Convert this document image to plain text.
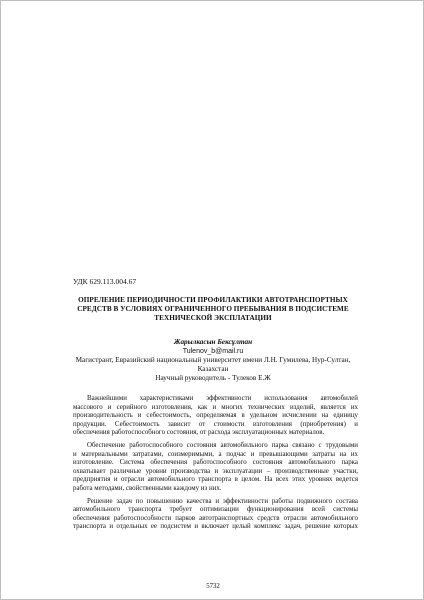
УДК 629.113.004.67
ОПРЕЛЕНИЕ ПЕРИОДИЧНОСТИ ПРОФИЛАКТИКИ АВТОТРАНСПОРТНЫХ
СРЕДСТВ В УСЛОВИЯХ ОГРАНИЧЕННОГО ПРЕБЫВАНИЯ В ПОДСИСТЕМЕ
ТЕХНИЧЕСКОЙ ЭКСПЛАТАЦИИ
Жарылкасын Бексұлтан
Tulenov_b@mail.ru
Магистрант, Евразийский национальный университет имени Л.Н. Гумилева, Нур-Султан,
Казахстан
Научный руководитель - Тулеков Е.Ж

Важнейшими характеристиками эффективности использования автомобилей
массового и серийного изготовления, как и многих технических изделий, является их
производительность и себестоимость, определяемая в удельном исчислении на единицу
продукции. Себестоимость зависит от стоимости изготовления (приобретения) и
обеспечения работоспособного состояния, от расхода эксплуатационных материалов.

Обеспечение работоспособного состояния автомобильного парка связано с трудовыми
и материальными затратами, соизмеримыми, а подчас и превышающими затраты на их
изготовление. Система обеспечения работоспособного состояния автомобильного парка
охватывает различные уровни производства и эксплуатации – производственные участки,
предприятия и отрасли автомобильного транспорта в целом. На всех этих уровнях ведется
работа методами, свойственными каждому из них.

Решение задач по повышению качества и эффективности работы подвижного состава
автомобильного транспорта требует оптимизации функционирования всей системы
обеспечения работоспособности парков автотранспортных средств отрасли автомобильного
транспорта и отдельных ее подсистем и включает целый комплекс задач, решение которых

5732
